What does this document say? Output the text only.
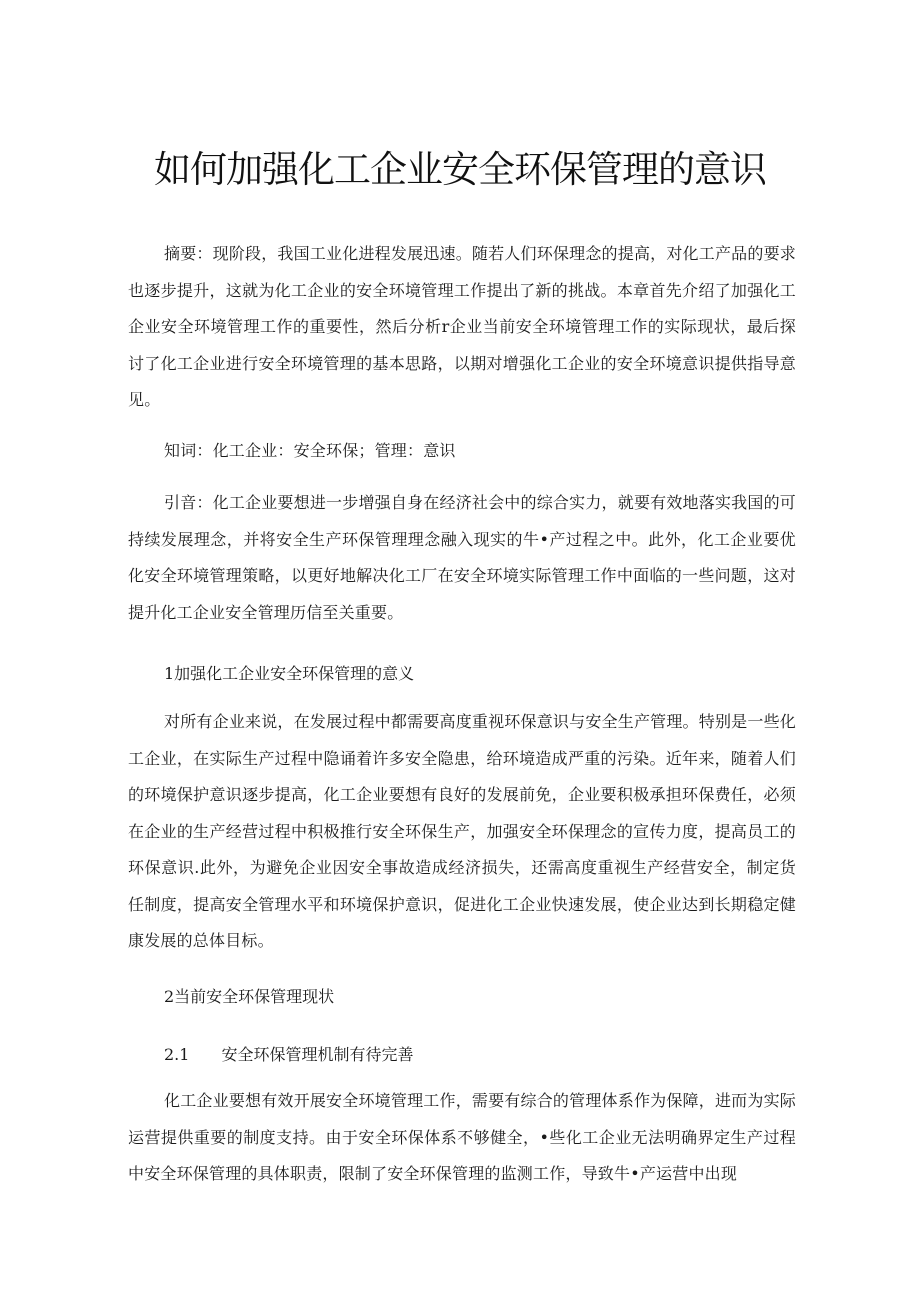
如何加强化工企业安全环保管理的意识
摘要：现阶段，我国工业化进程发展迅速。随若人们环保理念的提高，对化工产品的要求也逐步提升，这就为化工企业的安全环境管理工作提出了新的挑战。本章首先介绍了加强化工企业安全环境管理工作的重要性，然后分析r企业当前安全环境管理工作的实际现状，最后探讨了化工企业进行安全环境管理的基本思路，以期对增强化工企业的安全环境意识提供指导意见。
知词：化工企业：安全环保；管理：意识
引音：化工企业要想进一步增强自身在经济社会中的综合实力，就要有效地落实我国的可持续发展理念，并将安全生产环保管理理念融入现实的牛•产过程之中。此外，化工企业要优化安全环境管理策略，以更好地解决化工厂在安全环境实际管理工作中面临的一些问题，这对提升化工企业安全管理历信至关重要。
1加强化工企业安全环保管理的意义
对所有企业来说，在发展过程中都需要高度重视环保意识与安全生产管理。特别是一些化工企业，在实际生产过程中隐诵着许多安全隐患，给环境造成严重的污染。近年来，随着人们的环境保护意识逐步提高，化工企业要想有良好的发展前免，企业要积极承担环保费任，必须在企业的生产经营过程中积极推行安全环保生产，加强安全环保理念的宣传力度，提高员工的环保意识.此外，为避免企业因安全事故造成经济损失，还需高度重视生产经营安全，制定货任制度，提高安全管理水平和环境保护意识，促进化工企业快速发展，使企业达到长期稳定健康发展的总体目标。
2当前安全环保管理现状
2.1 安全环保管理机制有待完善
化工企业要想有效开展安全环境管理工作，需要有综合的管理体系作为保障，进而为实际运营提供重要的制度支持。由于安全环保体系不够健全，•些化工企业无法明确界定生产过程中安全环保管理的具体职责，限制了安全环保管理的监测工作，导致牛•产运营中出现
